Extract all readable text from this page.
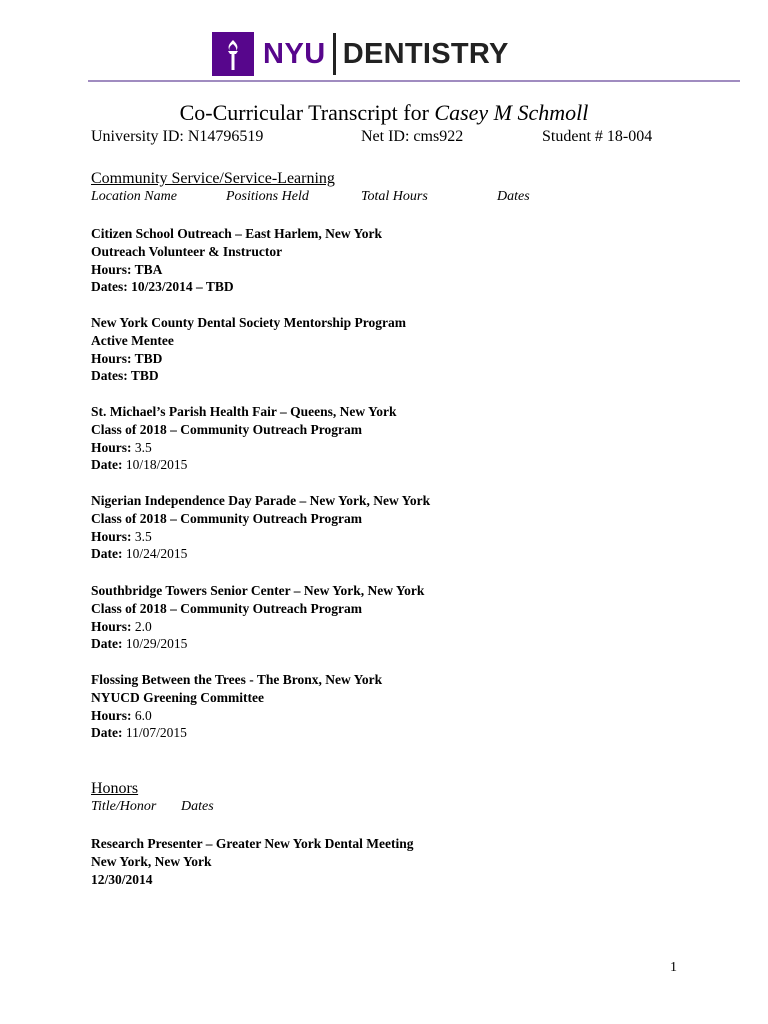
NYU DENTISTRY
Co-Curricular Transcript for Casey M Schmoll
University ID: N14796519	Net ID: cms922	Student # 18-004
Community Service/Service-Learning
Location Name	Positions Held	Total Hours	Dates
Citizen School Outreach – East Harlem, New York
Outreach Volunteer & Instructor
Hours: TBA
Dates: 10/23/2014 – TBD
New York County Dental Society Mentorship Program
Active Mentee
Hours: TBD
Dates: TBD
St. Michael’s Parish Health Fair – Queens, New York
Class of 2018 – Community Outreach Program
Hours: 3.5
Date: 10/18/2015
Nigerian Independence Day Parade – New York, New York
Class of 2018 – Community Outreach Program
Hours: 3.5
Date: 10/24/2015
Southbridge Towers Senior Center – New York, New York
Class of 2018 – Community Outreach Program
Hours: 2.0
Date: 10/29/2015
Flossing Between the Trees - The Bronx, New York
NYUCD Greening Committee
Hours: 6.0
Date: 11/07/2015
Honors
Title/Honor Dates
Research Presenter – Greater New York Dental Meeting
New York, New York
12/30/2014
1
